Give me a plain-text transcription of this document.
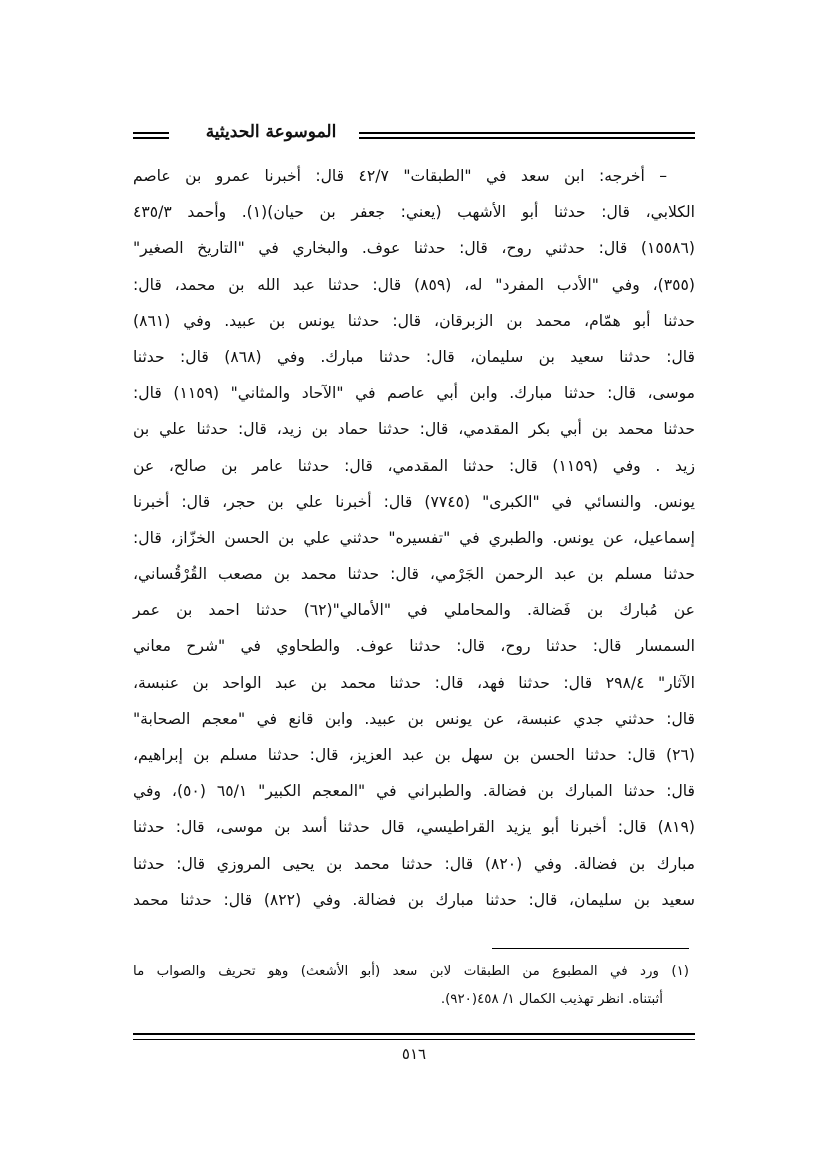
الموسوعة الحديثية
– أخرجه: ابن سعد في "الطبقات" ٤٢/٧ قال: أخبرنا عمرو بن عاصم
الكلابي، قال: حدثنا أبو الأشهب (يعني: جعفر بن حيان)(١). وأحمد ٤٣٥/٣
(١٥٥٨٦) قال: حدثني روح، قال: حدثنا عوف. والبخاري في "التاريخ الصغير"
(٣٥٥)، وفي "الأدب المفرد" له، (٨٥٩) قال: حدثنا عبد الله بن محمد، قال:
حدثنا أبو همّام، محمد بن الزبرقان، قال: حدثنا يونس بن عبيد. وفي (٨٦١)
قال: حدثنا سعيد بن سليمان، قال: حدثنا مبارك. وفي (٨٦٨) قال: حدثنا
موسى، قال: حدثنا مبارك. وابن أبي عاصم في "الآحاد والمثاني" (١١٥٩) قال:
حدثنا محمد بن أبي بكر المقدمي، قال: حدثنا حماد بن زيد، قال: حدثنا علي بن
زيد . وفي (١١٥٩) قال: حدثنا المقدمي، قال: حدثنا عامر بن صالح، عن
يونس. والنسائي في "الكبرى" (٧٧٤٥) قال: أخبرنا علي بن حجر، قال: أخبرنا
إسماعيل، عن يونس. والطبري في "تفسيره" حدثني علي بن الحسن الخزّاز، قال:
حدثنا مسلم بن عبد الرحمن الجَرْمي، قال: حدثنا محمد بن مصعب القُرْقُساني،
عن مُبارك بن فَضالة. والمحاملي في "الأمالي"(٦٢) حدثنا احمد بن عمر
السمسار قال: حدثنا روح، قال: حدثنا عوف. والطحاوي في "شرح معاني
الآثار" ٢٩٨/٤ قال: حدثنا فهد، قال: حدثنا محمد بن عبد الواحد بن عنبسة،
قال: حدثني جدي عنبسة، عن يونس بن عبيد. وابن قانع في "معجم الصحابة"
(٢٦) قال: حدثنا الحسن بن سهل بن عبد العزيز، قال: حدثنا مسلم بن إبراهيم،
قال: حدثنا المبارك بن فضالة. والطبراني في "المعجم الكبير" ٦٥/١ (٥٠)، وفي
(٨١٩) قال: أخبرنا أبو يزيد القراطيسي، قال حدثنا أسد بن موسى، قال: حدثنا
مبارك بن فضالة. وفي (٨٢٠) قال: حدثنا محمد بن يحيى المروزي قال: حدثنا
سعيد بن سليمان، قال: حدثنا مبارك بن فضالة. وفي (٨٢٢) قال: حدثنا محمد
(١) ورد في المطبوع من الطبقات لابن سعد (أبو الأشعث) وهو تحريف والصواب ما
أثبتناه. انظر تهذيب الكمال ١/ ٤٥٨(٩٢٠).
٥١٦
